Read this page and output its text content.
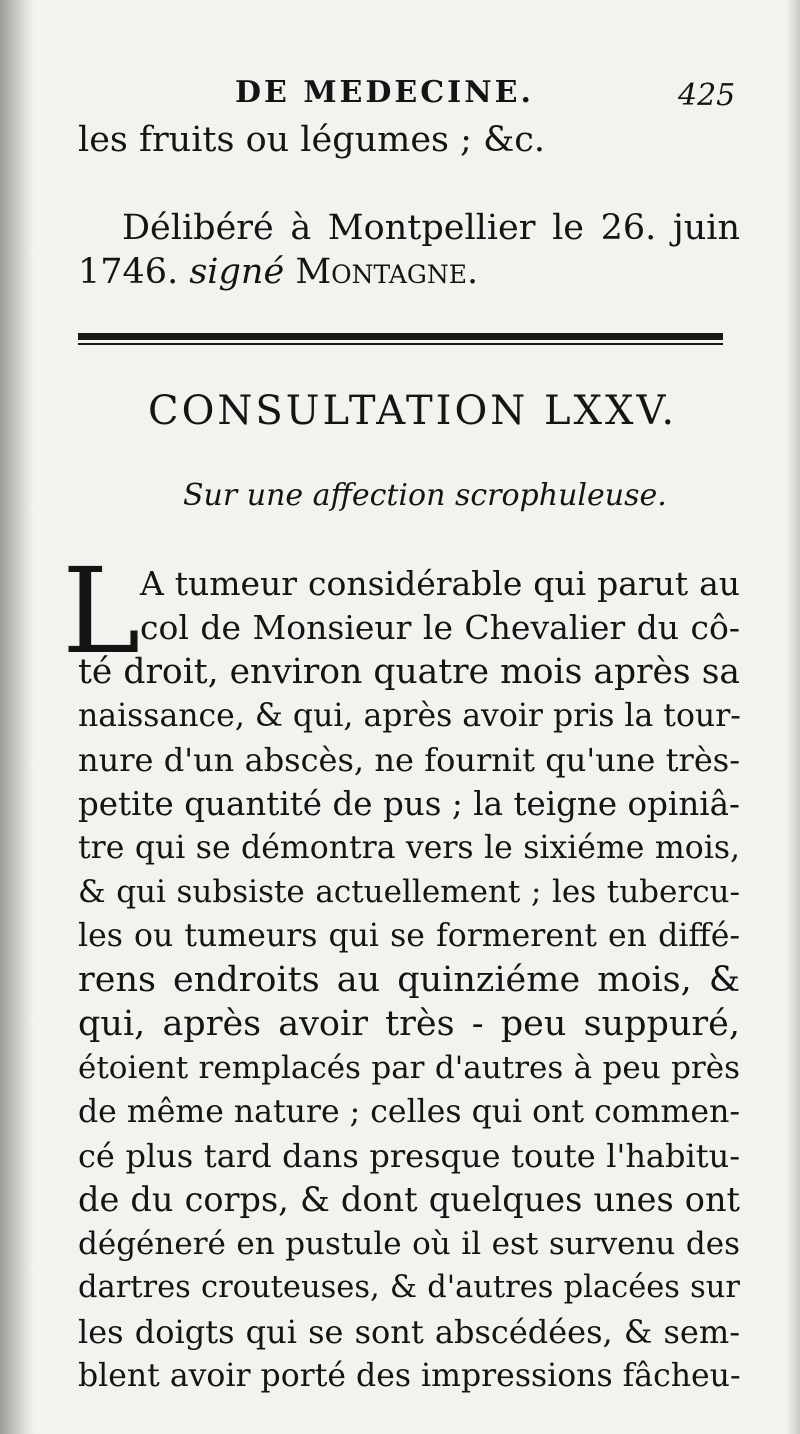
DE MEDECINE.	425
les fruits ou légumes ; &c.
Délibéré à Montpellier le 26. juin
1746. signé Montagne.
CONSULTATION LXXV.
Sur une affection scrophuleuse.
L A tumeur considérable qui parut au
col de Monsieur le Chevalier du cô-
té droit, environ quatre mois après sa
naissance, & qui, après avoir pris la tour-
nure d'un abscès, ne fournit qu'une très-
petite quantité de pus ; la teigne opiniâ-
tre qui se démontra vers le sixiéme mois,
& qui subsiste actuellement ; les tubercu-
les ou tumeurs qui se formerent en diffé-
rens endroits au quinziéme mois, &
qui, après avoir très - peu suppuré,
étoient remplacés par d'autres à peu près
de même nature ; celles qui ont commen-
cé plus tard dans presque toute l'habitu-
de du corps, & dont quelques unes ont
dégéneré en pustule où il est survenu des
dartres crouteuses, & d'autres placées sur
les doigts qui se sont abscédées, & sem-
blent avoir porté des impressions fâcheu-
